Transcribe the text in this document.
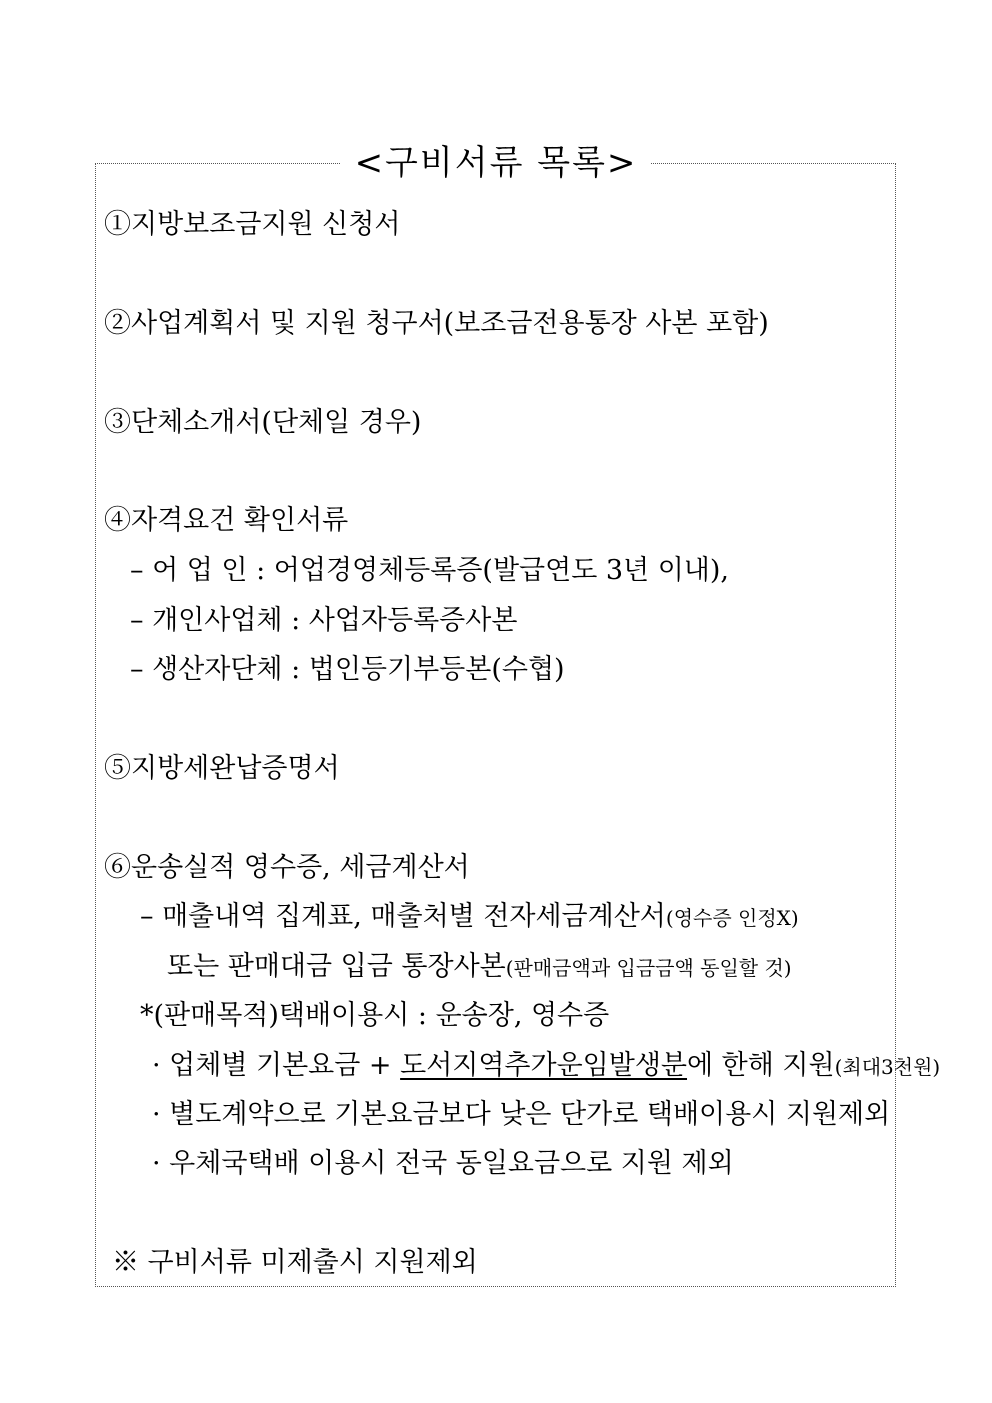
<구비서류 목록>
①지방보조금지원 신청서
②사업계획서 및 지원 청구서(보조금전용통장 사본 포함)
③단체소개서(단체일 경우)
④자격요건 확인서류
– 어 업 인 : 어업경영체등록증(발급연도 3년 이내),
– 개인사업체 : 사업자등록증사본
– 생산자단체 : 법인등기부등본(수협)
⑤지방세완납증명서
⑥운송실적 영수증, 세금계산서
– 매출내역 집계표, 매출처별 전자세금계산서(영수증 인정X)
또는 판매대금 입금 통장사본(판매금액과 입금금액 동일할 것)
*(판매목적)택배이용시 : 운송장, 영수증
· 업체별 기본요금 + 도서지역추가운임발생분에 한해 지원(최대3천원)
· 별도계약으로 기본요금보다 낮은 단가로 택배이용시 지원제외
· 우체국택배 이용시 전국 동일요금으로 지원 제외
※ 구비서류 미제출시 지원제외
